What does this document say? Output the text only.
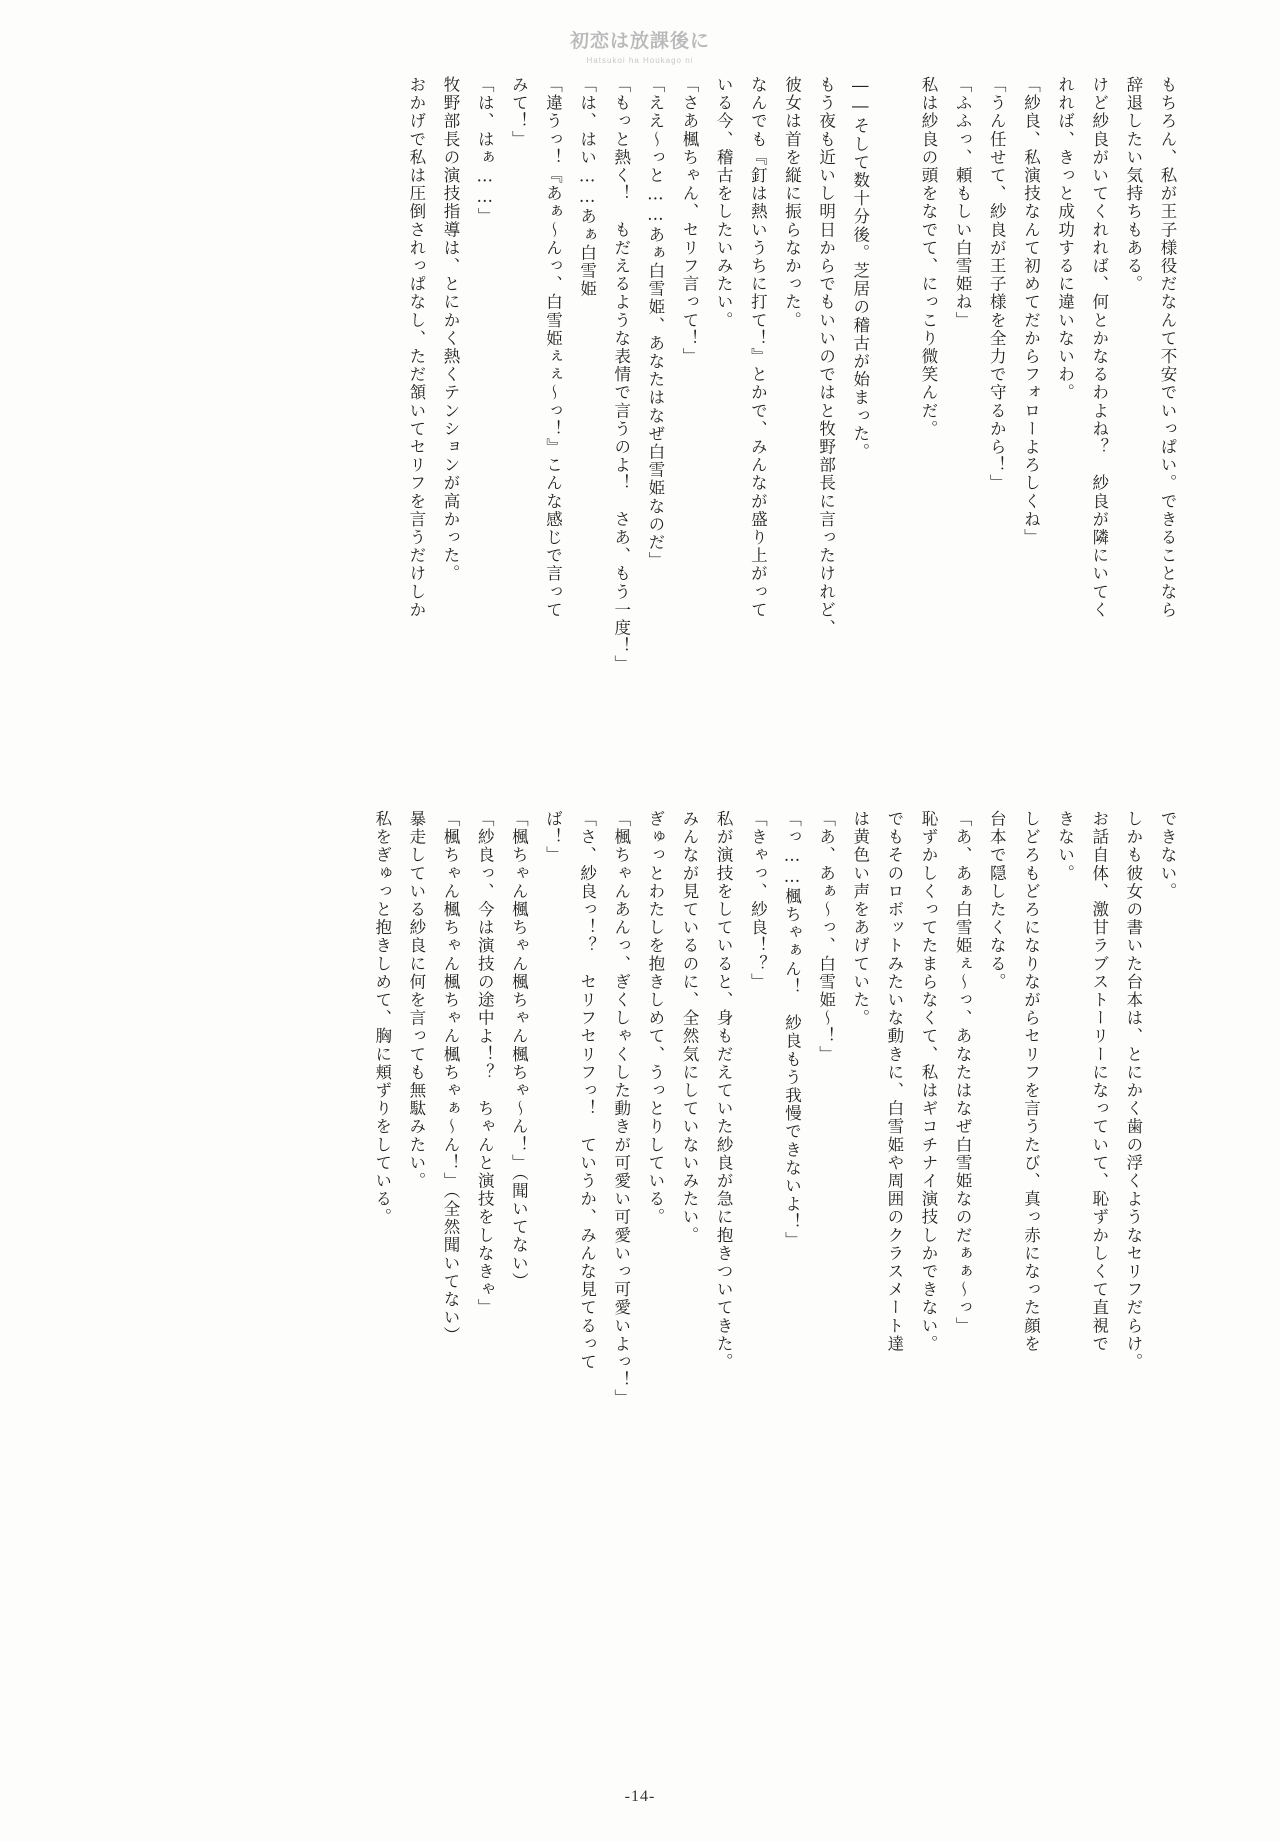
初恋は放課後に
Hatsukoi ha Houkago ni
もちろん、私が王子様役だなんて不安でいっぱい。できることなら
辞退したい気持ちもある。
けど紗良がいてくれれば、何とかなるわよね？　紗良が隣にいてく
れれば、きっと成功するに違いないわ。
「紗良、私演技なんて初めてだからフォローよろしくね」
「うん任せて、紗良が王子様を全力で守るから！」
「ふふっ、頼もしい白雪姫ね」
私は紗良の頭をなでて、にっこり微笑んだ。

――そして数十分後。芝居の稽古が始まった。
もう夜も近いし明日からでもいいのではと牧野部長に言ったけれど、
彼女は首を縦に振らなかった。
なんでも『釘は熱いうちに打て！』とかで、みんなが盛り上がって
いる今、稽古をしたいみたい。
「さあ楓ちゃん、セリフ言って！」
「ええ〜っと……あぁ白雪姫、あなたはなぜ白雪姫なのだ」
「もっと熱く！　もだえるような表情で言うのよ！　さあ、もう一度！」
「は、はい……あぁ白雪姫
「違うっ！『あぁ〜んっ、白雪姫ぇぇ〜っ！』こんな感じで言って
みて！」
「は、はぁ……」
牧野部長の演技指導は、とにかく熱くテンションが高かった。
おかげで私は圧倒されっぱなし、ただ頷いてセリフを言うだけしか
できない。
しかも彼女の書いた台本は、とにかく歯の浮くようなセリフだらけ。
お話自体、激甘ラブストーリーになっていて、恥ずかしくて直視で
きない。
しどろもどろになりながらセリフを言うたび、真っ赤になった顔を
台本で隠したくなる。
「あ、あぁ白雪姫ぇ〜っ、あなたはなぜ白雪姫なのだぁぁ〜っ」
恥ずかしくってたまらなくて、私はギコチナイ演技しかできない。
でもそのロボットみたいな動きに、白雪姫や周囲のクラスメート達
は黄色い声をあげていた。
「あ、あぁ〜っ、白雪姫〜！」
「っ……楓ちゃぁん！　紗良もう我慢できないよ！」
「きゃっ、紗良！？」
私が演技をしていると、身もだえていた紗良が急に抱きついてきた。
みんなが見ているのに、全然気にしていないみたい。
ぎゅっとわたしを抱きしめて、うっとりしている。
「楓ちゃんあんっ、ぎくしゃくした動きが可愛い可愛いっ可愛いよっ！」
「さ、紗良っ！？　セリフセリフっ！　ていうか、みんな見てるって
ば！」
「楓ちゃん楓ちゃん楓ちゃん楓ちゃ〜ん！」（聞いてない）
「紗良っ、今は演技の途中よ！？　ちゃんと演技をしなきゃ」
「楓ちゃん楓ちゃん楓ちゃん楓ちゃぁ〜ん！」（全然聞いてない）
暴走している紗良に何を言っても無駄みたい。
私をぎゅっと抱きしめて、胸に頬ずりをしている。
-14-
